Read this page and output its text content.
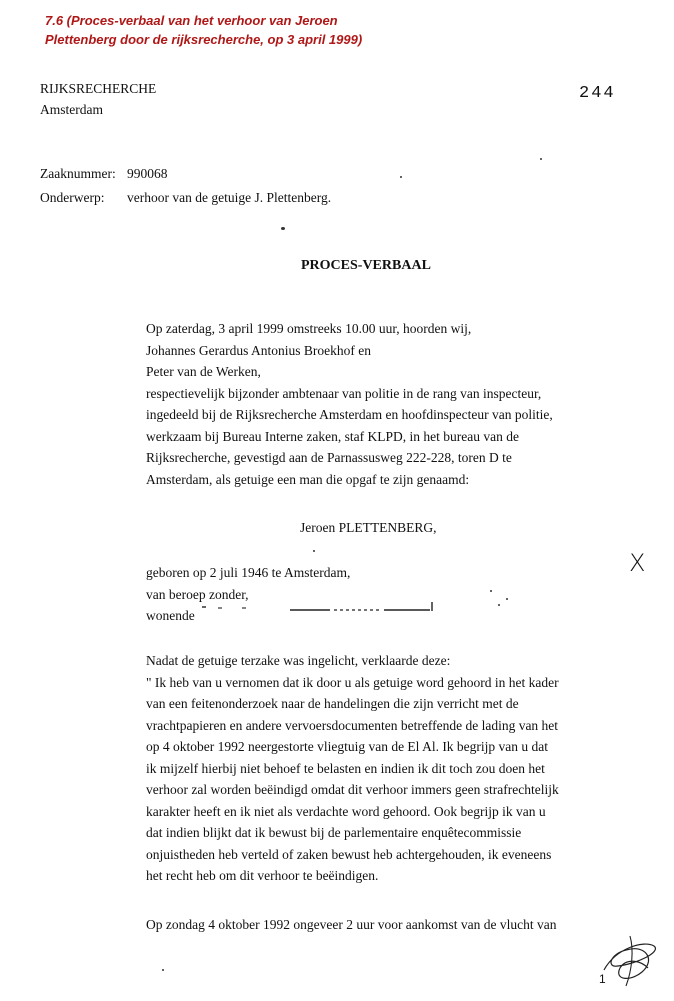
7.6 (Proces-verbaal van het verhoor van Jeroen
Plettenberg door de rijksrecherche, op 3 april 1999)
RIJKSRECHERCHE
Amsterdam
244
Zaaknummer: 990068
Onderwerp: verhoor van de getuige J. Plettenberg.
PROCES-VERBAAL
Op zaterdag, 3 april 1999 omstreeks 10.00 uur, hoorden wij,
Johannes Gerardus Antonius Broekhof en
Peter van de Werken,
respectievelijk bijzonder ambtenaar van politie in de rang van inspecteur,
ingedeeld bij de Rijksrecherche Amsterdam en hoofdinspecteur van politie,
werkzaam bij Bureau Interne zaken, staf KLPD, in het bureau van de
Rijksrecherche, gevestigd aan de Parnassusweg 222-228, toren D te
Amsterdam, als getuige een man die opgaf te zijn genaamd:
Jeroen PLETTENBERG,
X
geboren op 2 juli 1946 te Amsterdam,
van beroep zonder,
wonende
Nadat de getuige terzake was ingelicht, verklaarde deze:
" Ik heb van u vernomen dat ik door u als getuige word gehoord in het kader
van een feitenonderzoek naar de handelingen die zijn verricht met de
vrachtpapieren en andere vervoersdocumenten betreffende de lading van het
op 4 oktober 1992 neergestorte vliegtuig van de El Al. Ik begrijp van u dat
ik mijzelf hierbij niet behoef te belasten en indien ik dit toch zou doen het
verhoor zal worden beëindigd omdat dit verhoor immers geen strafrechtelijk
karakter heeft en ik niet als verdachte word gehoord. Ook begrijp ik van u
dat indien blijkt dat ik bewust bij de parlementaire enquêtecommissie
onjuistheden heb verteld of zaken bewust heb achtergehouden, ik eveneens
het recht heb om dit verhoor te beëindigen.
Op zondag 4 oktober 1992 ongeveer 2 uur voor aankomst van de vlucht van
1
